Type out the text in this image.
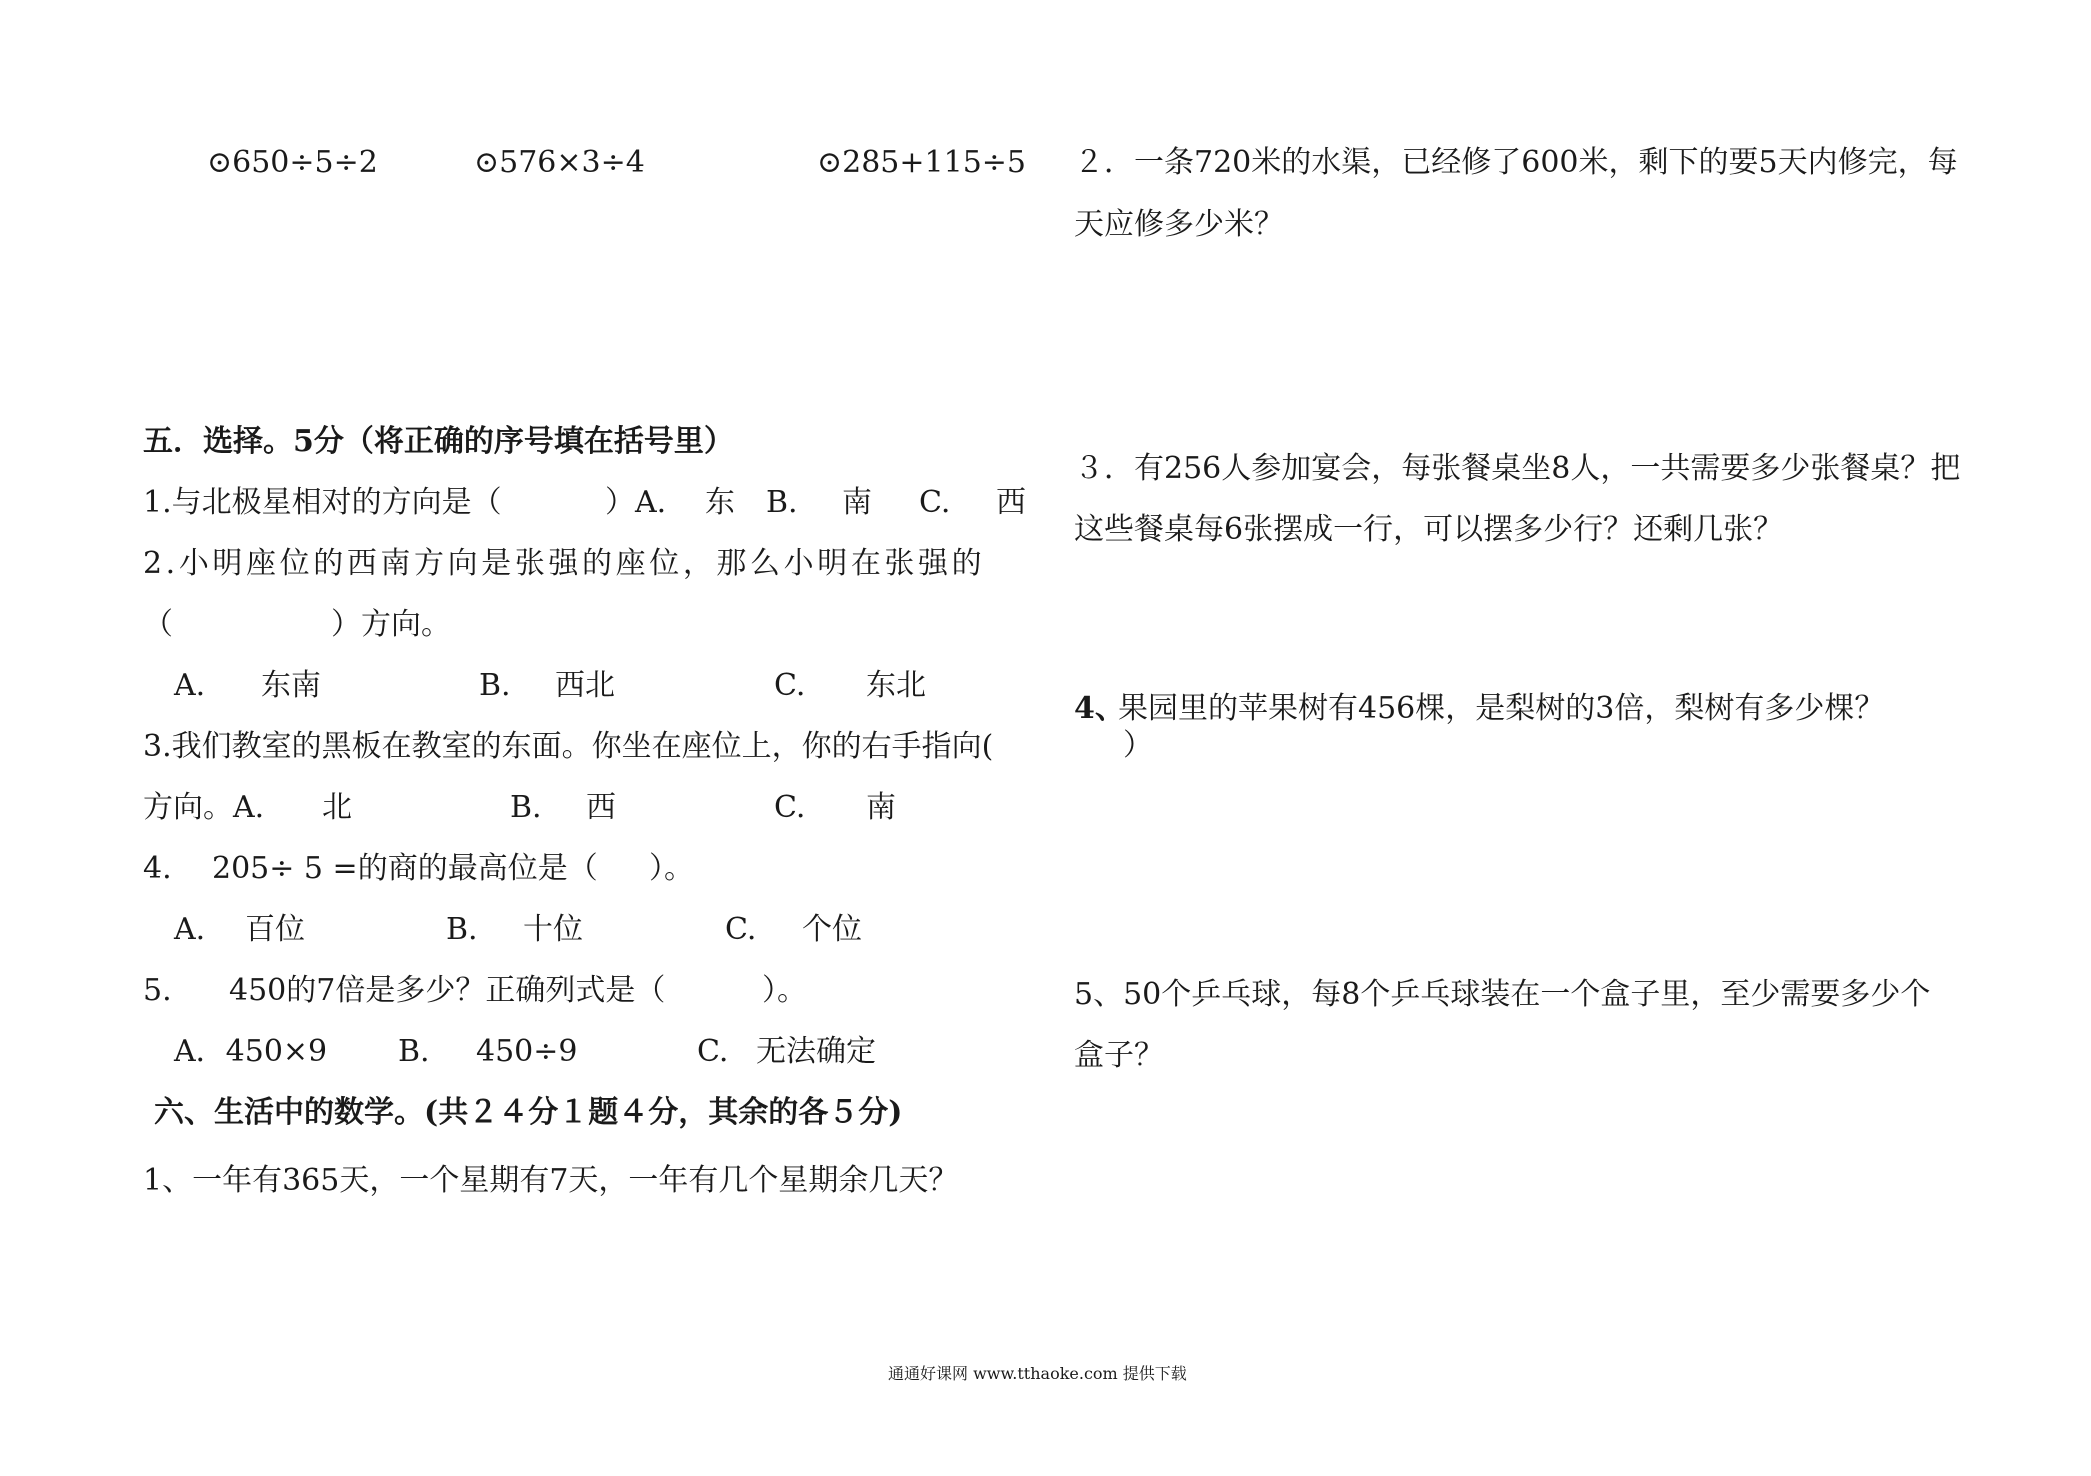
⊙650÷5÷2	⊙576×3÷4	⊙285+115÷5
五．选择。5分（将正确的序号填在括号里）
1.与北极星相对的方向是（	）A. 东 B. 南 C. 西
2.小明座位的西南方向是张强的座位，那么小明在张强的
（	）方向。
A. 东南	B. 西北	C. 东北
3.我们教室的黑板在教室的东面。你坐在座位上，你的右手指向(
方向。A. 北	B. 西	C. 南
4. 205÷ 5 =的商的最高位是（ ）。
A. 百位	B. 十位	C. 个位
5. 450的7倍是多少？正确列式是（	）。
A．450×9 B. 450÷9	C. 无法确定
六、生活中的数学。(共２４分１题４分，其余的各５分)
1、一年有365天，一个星期有7天，一年有几个星期余几天？
２．一条720米的水渠，已经修了600米，剩下的要5天内修完，每
天应修多少米？
３．有256人参加宴会，每张餐桌坐8人，一共需要多少张餐桌？把
这些餐桌每6张摆成一行，可以摆多少行？还剩几张？
4、
果园里的苹果树有456棵，是梨树的3倍，梨树有多少棵？
）
5、50个乒乓球，每8个乒乓球装在一个盒子里，至少需要多少个
盒子？
通通好课网 www.tthaoke.com 提供下载
